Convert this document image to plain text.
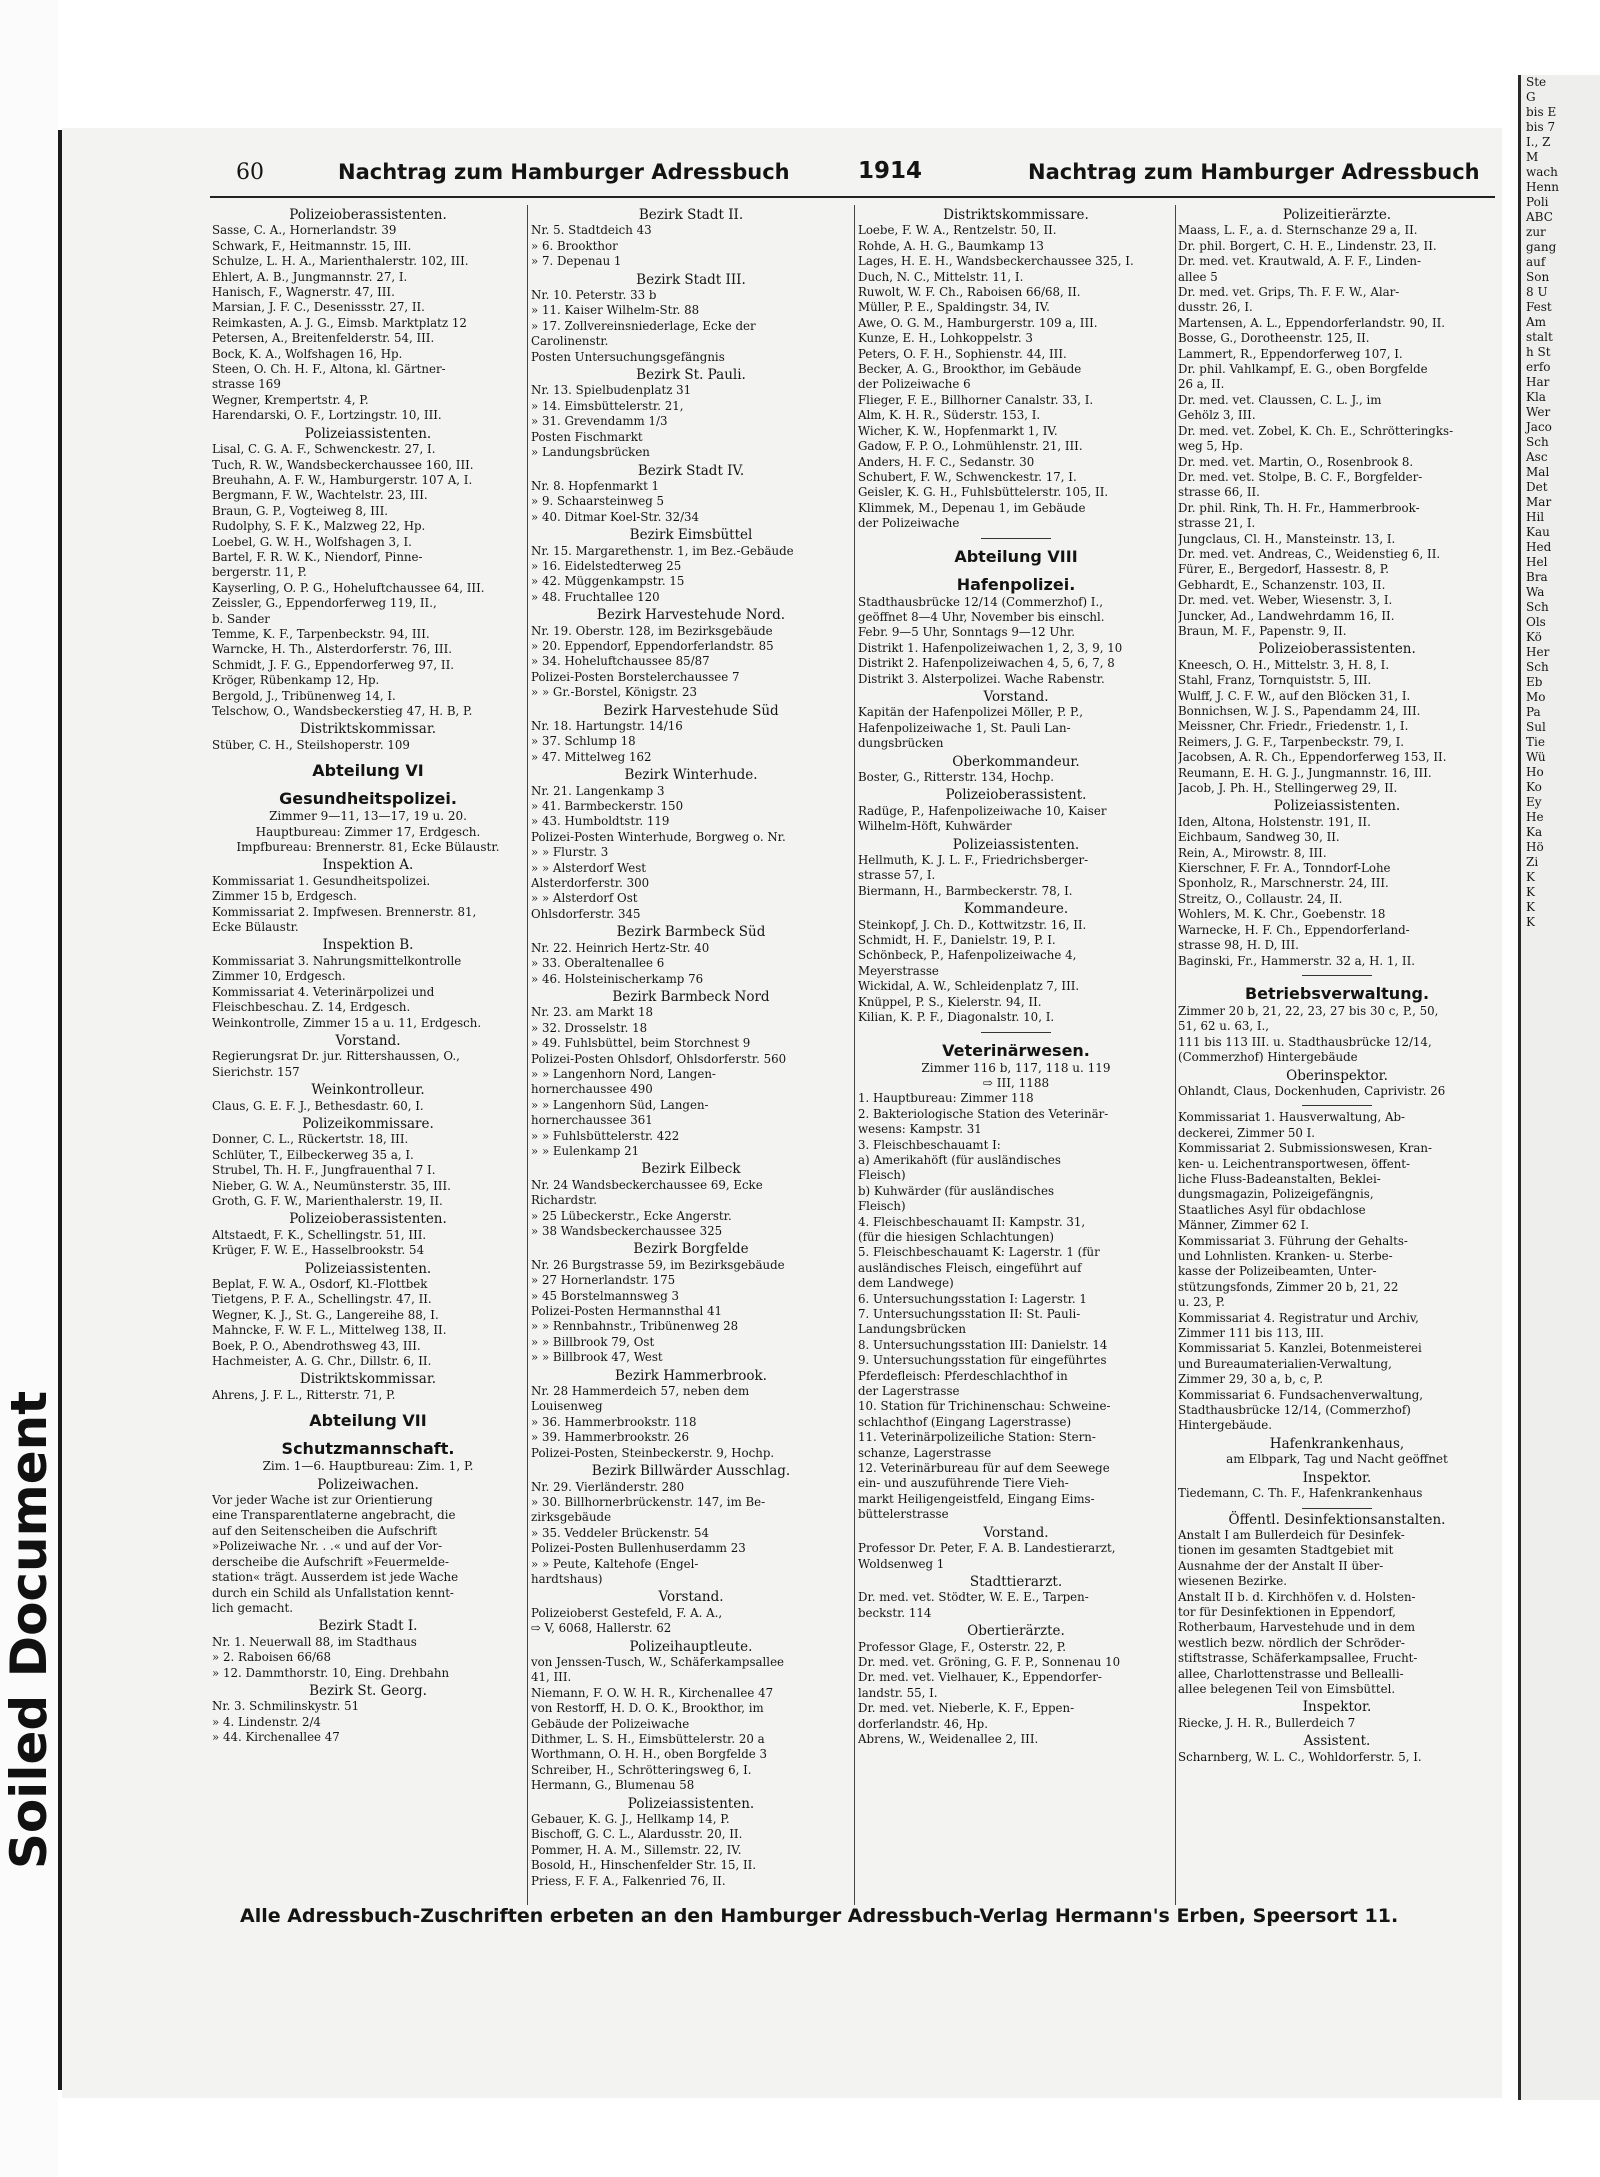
Soiled Document
60	Nachtrag zum Hamburger Adressbuch	1914	Nachtrag zum Hamburger Adressbuch
Polizeioberassistenten.
Sasse, C. A., Hornerlandstr. 39
Schwark, F., Heitmannstr. 15, III.
Schulze, L. H. A., Marienthalerstr. 102, III.
Ehlert, A. B., Jungmannstr. 27, I.
Hanisch, F., Wagnerstr. 47, III.
Marsian, J. F. C., Desenissstr. 27, II.
Reimkasten, A. J. G., Eimsb. Marktplatz 12
Petersen, A., Breitenfelderstr. 54, III.
Bock, K. A., Wolfshagen 16, Hp.
Steen, O. Ch. H. F., Altona, kl. Gärtner-
strasse 169
Wegner, Krempertstr. 4, P.
Harendarski, O. F., Lortzingstr. 10, III.
Polizeiassistenten.
Lisal, C. G. A. F., Schwenckestr. 27, I.
Tuch, R. W., Wandsbeckerchaussee 160, III.
Breuhahn, A. F. W., Hamburgerstr. 107 A, I.
Bergmann, F. W., Wachtelstr. 23, III.
Braun, G. P., Vogteiweg 8, III.
Rudolphy, S. F. K., Malzweg 22, Hp.
Loebel, G. W. H., Wolfshagen 3, I.
Bartel, F. R. W. K., Niendorf, Pinne-
bergerstr. 11, P.
Kayserling, O. P. G., Hoheluftchaussee 64, III.
Zeissler, G., Eppendorferweg 119, II.,
b. Sander
Temme, K. F., Tarpenbeckstr. 94, III.
Warncke, H. Th., Alsterdorferstr. 76, III.
Schmidt, J. F. G., Eppendorferweg 97, II.
Kröger, Rübenkamp 12, Hp.
Bergold, J., Tribünenweg 14, I.
Telschow, O., Wandsbeckerstieg 47, H. B, P.
Distriktskommissar.
Stüber, C. H., Steilshoperstr. 109
Abteilung VI
Gesundheitspolizei.
Zimmer 9—11, 13—17, 19 u. 20.
Hauptbureau: Zimmer 17, Erdgesch.
Impfbureau: Brennerstr. 81, Ecke Bülaustr.
Inspektion A.
Kommissariat 1. Gesundheitspolizei.
Zimmer 15 b, Erdgesch.
Kommissariat 2. Impfwesen. Brennerstr. 81,
Ecke Bülaustr.
Inspektion B.
Kommissariat 3. Nahrungsmittelkontrolle
Zimmer 10, Erdgesch.
Kommissariat 4. Veterinärpolizei und
Fleischbeschau. Z. 14, Erdgesch.
Weinkontrolle, Zimmer 15 a u. 11, Erdgesch.
Vorstand.
Regierungsrat Dr. jur. Rittershaussen, O.,
Sierichstr. 157
Weinkontrolleur.
Claus, G. E. F. J., Bethesdastr. 60, I.
Polizeikommissare.
Donner, C. L., Rückertstr. 18, III.
Schlüter, T., Eilbeckerweg 35 a, I.
Strubel, Th. H. F., Jungfrauenthal 7 I.
Nieber, G. W. A., Neumünsterstr. 35, III.
Groth, G. F. W., Marienthalerstr. 19, II.
Polizeioberassistenten.
Altstaedt, F. K., Schellingstr. 51, III.
Krüger, F. W. E., Hasselbrookstr. 54
Polizeiassistenten.
Beplat, F. W. A., Osdorf, Kl.-Flottbek
Tietgens, P. F. A., Schellingstr. 47, II.
Wegner, K. J., St. G., Langereihe 88, I.
Mahncke, F. W. F. L., Mittelweg 138, II.
Boek, P. O., Abendrothsweg 43, III.
Hachmeister, A. G. Chr., Dillstr. 6, II.
Distriktskommissar.
Ahrens, J. F. L., Ritterstr. 71, P.
Abteilung VII
Schutzmannschaft.
Zim. 1—6. Hauptbureau: Zim. 1, P.
Polizeiwachen.
Vor jeder Wache ist zur Orientierung
eine Transparentlaterne angebracht, die
auf den Seitenscheiben die Aufschrift
»Polizeiwache Nr. . .« und auf der Vor-
derscheibe die Aufschrift »Feuermelde-
station« trägt. Ausserdem ist jede Wache
durch ein Schild als Unfallstation kennt-
lich gemacht.
Bezirk Stadt I.
Nr. 1. Neuerwall 88, im Stadthaus
» 2. Raboisen 66/68
» 12. Dammthorstr. 10, Eing. Drehbahn
Bezirk St. Georg.
Nr. 3. Schmilinskystr. 51
» 4. Lindenstr. 2/4
» 44. Kirchenallee 47
Bezirk Stadt II.
Nr. 5. Stadtdeich 43
» 6. Brookthor
» 7. Depenau 1
Bezirk Stadt III.
Nr. 10. Peterstr. 33 b
» 11. Kaiser Wilhelm-Str. 88
» 17. Zollvereinsniederlage, Ecke der
Carolinenstr.
Posten Untersuchungsgefängnis
Bezirk St. Pauli.
Nr. 13. Spielbudenplatz 31
» 14. Eimsbüttelerstr. 21,
» 31. Grevendamm 1/3
Posten Fischmarkt
» Landungsbrücken
Bezirk Stadt IV.
Nr. 8. Hopfenmarkt 1
» 9. Schaarsteinweg 5
» 40. Ditmar Koel-Str. 32/34
Bezirk Eimsbüttel
Nr. 15. Margarethenstr. 1, im Bez.-Gebäude
» 16. Eidelstedterweg 25
» 42. Müggenkampstr. 15
» 48. Fruchtallee 120
Bezirk Harvestehude Nord.
Nr. 19. Oberstr. 128, im Bezirksgebäude
» 20. Eppendorf, Eppendorferlandstr. 85
» 34. Hoheluftchaussee 85/87
Polizei-Posten Borstelerchaussee 7
» » Gr.-Borstel, Königstr. 23
Bezirk Harvestehude Süd
Nr. 18. Hartungstr. 14/16
» 37. Schlump 18
» 47. Mittelweg 162
Bezirk Winterhude.
Nr. 21. Langenkamp 3
» 41. Barmbeckerstr. 150
» 43. Humboldtstr. 119
Polizei-Posten Winterhude, Borgweg o. Nr.
» » Flurstr. 3
» » Alsterdorf West
Alsterdorferstr. 300
» » Alsterdorf Ost
Ohlsdorferstr. 345
Bezirk Barmbeck Süd
Nr. 22. Heinrich Hertz-Str. 40
» 33. Oberaltenallee 6
» 46. Holsteinischerkamp 76
Bezirk Barmbeck Nord
Nr. 23. am Markt 18
» 32. Drosselstr. 18
» 49. Fuhlsbüttel, beim Storchnest 9
Polizei-Posten Ohlsdorf, Ohlsdorferstr. 560
» » Langenhorn Nord, Langen-
hornerchaussee 490
» » Langenhorn Süd, Langen-
hornerchaussee 361
» » Fuhlsbüttelerstr. 422
» » Eulenkamp 21
Bezirk Eilbeck
Nr. 24 Wandsbeckerchaussee 69, Ecke
Richardstr.
» 25 Lübeckerstr., Ecke Angerstr.
» 38 Wandsbeckerchaussee 325
Bezirk Borgfelde
Nr. 26 Burgstrasse 59, im Bezirksgebäude
» 27 Hornerlandstr. 175
» 45 Borstelmannsweg 3
Polizei-Posten Hermannsthal 41
» » Rennbahnstr., Tribünenweg 28
» » Billbrook 79, Ost
» » Billbrook 47, West
Bezirk Hammerbrook.
Nr. 28 Hammerdeich 57, neben dem
Louisenweg
» 36. Hammerbrookstr. 118
» 39. Hammerbrookstr. 26
Polizei-Posten, Steinbeckerstr. 9, Hochp.
Bezirk Billwärder Ausschlag.
Nr. 29. Vierländerstr. 280
» 30. Billhornerbrückenstr. 147, im Be-
zirksgebäude
» 35. Veddeler Brückenstr. 54
Polizei-Posten Bullenhuserdamm 23
» » Peute, Kaltehofe (Engel-
hardtshaus)
Vorstand.
Polizeioberst Gestefeld, F. A. A.,
⇨ V, 6068, Hallerstr. 62
Polizeihauptleute.
von Jenssen-Tusch, W., Schäferkampsallee
41, III.
Niemann, F. O. W. H. R., Kirchenallee 47
von Restorff, H. D. O. K., Brookthor, im
Gebäude der Polizeiwache
Dithmer, L. S. H., Eimsbüttelerstr. 20 a
Worthmann, O. H. H., oben Borgfelde 3
Schreiber, H., Schrötteringsweg 6, I.
Hermann, G., Blumenau 58
Polizeiassistenten.
Gebauer, K. G. J., Hellkamp 14, P.
Bischoff, G. C. L., Alardusstr. 20, II.
Pommer, H. A. M., Sillemstr. 22, IV.
Bosold, H., Hinschenfelder Str. 15, II.
Priess, F. F. A., Falkenried 76, II.
Distriktskommissare.
Loebe, F. W. A., Rentzelstr. 50, II.
Rohde, A. H. G., Baumkamp 13
Lages, H. E. H., Wandsbeckerchaussee 325, I.
Duch, N. C., Mittelstr. 11, I.
Ruwolt, W. F. Ch., Raboisen 66/68, II.
Müller, P. E., Spaldingstr. 34, IV.
Awe, O. G. M., Hamburgerstr. 109 a, III.
Kunze, E. H., Lohkoppelstr. 3
Peters, O. F. H., Sophienstr. 44, III.
Becker, A. G., Brookthor, im Gebäude
der Polizeiwache 6
Flieger, F. E., Billhorner Canalstr. 33, I.
Alm, K. H. R., Süderstr. 153, I.
Wicher, K. W., Hopfenmarkt 1, IV.
Gadow, F. P. O., Lohmühlenstr. 21, III.
Anders, H. F. C., Sedanstr. 30
Schubert, F. W., Schwenckestr. 17, I.
Geisler, K. G. H., Fuhlsbüttelerstr. 105, II.
Klimmek, M., Depenau 1, im Gebäude
der Polizeiwache
Abteilung VIII
Hafenpolizei.
Stadthausbrücke 12/14 (Commerzhof) I.,
geöffnet 8—4 Uhr, November bis einschl.
Febr. 9—5 Uhr, Sonntags 9—12 Uhr.
Distrikt 1. Hafenpolizeiwachen 1, 2, 3, 9, 10
Distrikt 2. Hafenpolizeiwachen 4, 5, 6, 7, 8
Distrikt 3. Alsterpolizei. Wache Rabenstr.
Vorstand.
Kapitän der Hafenpolizei Möller, P. P.,
Hafenpolizeiwache 1, St. Pauli Lan-
dungsbrücken
Oberkommandeur.
Boster, G., Ritterstr. 134, Hochp.
Polizeioberassistent.
Radüge, P., Hafenpolizeiwache 10, Kaiser
Wilhelm-Höft, Kuhwärder
Polizeiassistenten.
Hellmuth, K. J. L. F., Friedrichsberger-
strasse 57, I.
Biermann, H., Barmbeckerstr. 78, I.
Kommandeure.
Steinkopf, J. Ch. D., Kottwitzstr. 16, II.
Schmidt, H. F., Danielstr. 19, P. I.
Schönbeck, P., Hafenpolizeiwache 4,
Meyerstrasse
Wickidal, A. W., Schleidenplatz 7, III.
Knüppel, P. S., Kielerstr. 94, II.
Kilian, K. P. F., Diagonalstr. 10, I.
Veterinärwesen.
Zimmer 116 b, 117, 118 u. 119
⇨ III, 1188
1. Hauptbureau: Zimmer 118
2. Bakteriologische Station des Veterinär-
wesens: Kampstr. 31
3. Fleischbeschauamt I:
a) Amerikahöft (für ausländisches
Fleisch)
b) Kuhwärder (für ausländisches
Fleisch)
4. Fleischbeschauamt II: Kampstr. 31,
(für die hiesigen Schlachtungen)
5. Fleischbeschauamt K: Lagerstr. 1 (für
ausländisches Fleisch, eingeführt auf
dem Landwege)
6. Untersuchungsstation I: Lagerstr. 1
7. Untersuchungsstation II: St. Pauli-
Landungsbrücken
8. Untersuchungsstation III: Danielstr. 14
9. Untersuchungsstation für eingeführtes
Pferdefleisch: Pferdeschlachthof in
der Lagerstrasse
10. Station für Trichinenschau: Schweine-
schlachthof (Eingang Lagerstrasse)
11. Veterinärpolizeiliche Station: Stern-
schanze, Lagerstrasse
12. Veterinärbureau für auf dem Seewege
ein- und auszuführende Tiere Vieh-
markt Heiligengeistfeld, Eingang Eims-
büttelerstrasse
Vorstand.
Professor Dr. Peter, F. A. B. Landestierarzt,
Woldsenweg 1
Stadttierarzt.
Dr. med. vet. Stödter, W. E. E., Tarpen-
beckstr. 114
Obertierärzte.
Professor Glage, F., Osterstr. 22, P.
Dr. med. vet. Gröning, G. F. P., Sonnenau 10
Dr. med. vet. Vielhauer, K., Eppendorfer-
landstr. 55, I.
Dr. med. vet. Nieberle, K. F., Eppen-
dorferlandstr. 46, Hp.
Abrens, W., Weidenallee 2, III.
Polizeitierärzte.
Maass, L. F., a. d. Sternschanze 29 a, II.
Dr. phil. Borgert, C. H. E., Lindenstr. 23, II.
Dr. med. vet. Krautwald, A. F. F., Linden-
allee 5
Dr. med. vet. Grips, Th. F. F. W., Alar-
dusstr. 26, I.
Martensen, A. L., Eppendorferlandstr. 90, II.
Bosse, G., Dorotheenstr. 125, II.
Lammert, R., Eppendorferweg 107, I.
Dr. phil. Vahlkampf, E. G., oben Borgfelde
26 a, II.
Dr. med. vet. Claussen, C. L. J., im
Gehölz 3, III.
Dr. med. vet. Zobel, K. Ch. E., Schrötteringks-
weg 5, Hp.
Dr. med. vet. Martin, O., Rosenbrook 8.
Dr. med. vet. Stolpe, B. C. F., Borgfelder-
strasse 66, II.
Dr. phil. Rink, Th. H. Fr., Hammerbrook-
strasse 21, I.
Jungclaus, Cl. H., Mansteinstr. 13, I.
Dr. med. vet. Andreas, C., Weidenstieg 6, II.
Fürer, E., Bergedorf, Hassestr. 8, P.
Gebhardt, E., Schanzenstr. 103, II.
Dr. med. vet. Weber, Wiesenstr. 3, I.
Juncker, Ad., Landwehrdamm 16, II.
Braun, M. F., Papenstr. 9, II.
Polizeioberassistenten.
Kneesch, O. H., Mittelstr. 3, H. 8, I.
Stahl, Franz, Tornquiststr. 5, III.
Wulff, J. C. F. W., auf den Blöcken 31, I.
Bonnichsen, W. J. S., Papendamm 24, III.
Meissner, Chr. Friedr., Friedenstr. 1, I.
Reimers, J. G. F., Tarpenbeckstr. 79, I.
Jacobsen, A. R. Ch., Eppendorferweg 153, II.
Reumann, E. H. G. J., Jungmannstr. 16, III.
Jacob, J. Ph. H., Stellingerweg 29, II.
Polizeiassistenten.
Iden, Altona, Holstenstr. 191, II.
Eichbaum, Sandweg 30, II.
Rein, A., Mirowstr. 8, III.
Kierschner, F. Fr. A., Tonndorf-Lohe
Sponholz, R., Marschnerstr. 24, III.
Streitz, O., Collaustr. 24, II.
Wohlers, M. K. Chr., Goebenstr. 18
Warnecke, H. F. Ch., Eppendorferland-
strasse 98, H. D, III.
Baginski, Fr., Hammerstr. 32 a, H. 1, II.
Betriebsverwaltung.
Zimmer 20 b, 21, 22, 23, 27 bis 30 c, P., 50,
51, 62 u. 63, I.,
111 bis 113 III. u. Stadthausbrücke 12/14,
(Commerzhof) Hintergebäude
Oberinspektor.
Ohlandt, Claus, Dockenhuden, Caprivistr. 26
Kommissariat 1. Hausverwaltung, Ab-
deckerei, Zimmer 50 I.
Kommissariat 2. Submissionswesen, Kran-
ken- u. Leichentransportwesen, öffent-
liche Fluss-Badeanstalten, Beklei-
dungsmagazin, Polizeigefängnis,
Staatliches Asyl für obdachlose
Männer, Zimmer 62 I.
Kommissariat 3. Führung der Gehalts-
und Lohnlisten. Kranken- u. Sterbe-
kasse der Polizeibeamten, Unter-
stützungsfonds, Zimmer 20 b, 21, 22
u. 23, P.
Kommissariat 4. Registratur und Archiv,
Zimmer 111 bis 113, III.
Kommissariat 5. Kanzlei, Botenmeisterei
und Bureaumaterialien-Verwaltung,
Zimmer 29, 30 a, b, c, P.
Kommissariat 6. Fundsachenverwaltung,
Stadthausbrücke 12/14, (Commerzhof)
Hintergebäude.
Hafenkrankenhaus,
am Elbpark, Tag und Nacht geöffnet
Inspektor.
Tiedemann, C. Th. F., Hafenkrankenhaus
Öffentl. Desinfektionsanstalten.
Anstalt I am Bullerdeich für Desinfek-
tionen im gesamten Stadtgebiet mit
Ausnahme der der Anstalt II über-
wiesenen Bezirke.
Anstalt II b. d. Kirchhöfen v. d. Holsten-
tor für Desinfektionen in Eppendorf,
Rotherbaum, Harvestehude und in dem
westlich bezw. nördlich der Schröder-
stiftstrasse, Schäferkampsallee, Frucht-
allee, Charlottenstrasse und Bellealli-
allee belegenen Teil von Eimsbüttel.
Inspektor.
Riecke, J. H. R., Bullerdeich 7
Assistent.
Scharnberg, W. L. C., Wohldorferstr. 5, I.
Alle Adressbuch-Zuschriften erbeten an den Hamburger Adressbuch-Verlag Hermann's Erben, Speersort 11.
Ste
G
bis E
bis 7
I., Z
M
wach
Henn
Poli
ABC
zur
gang
auf
Son
8 U
Fest
Am
stalt
h St
erfo
Har
Kla
Wer
Jaco
Sch
Asc
Mal
Det
Mar
Hil
Kau
Hed
Hel
Bra
Wa
Sch
Ols
Kö
Her
Sch
Eb
Mo
Pa
Sul
Tie
Wü
Ho
Ko
Ey
He
Ka
Hö
Zi
K
K
K
K
